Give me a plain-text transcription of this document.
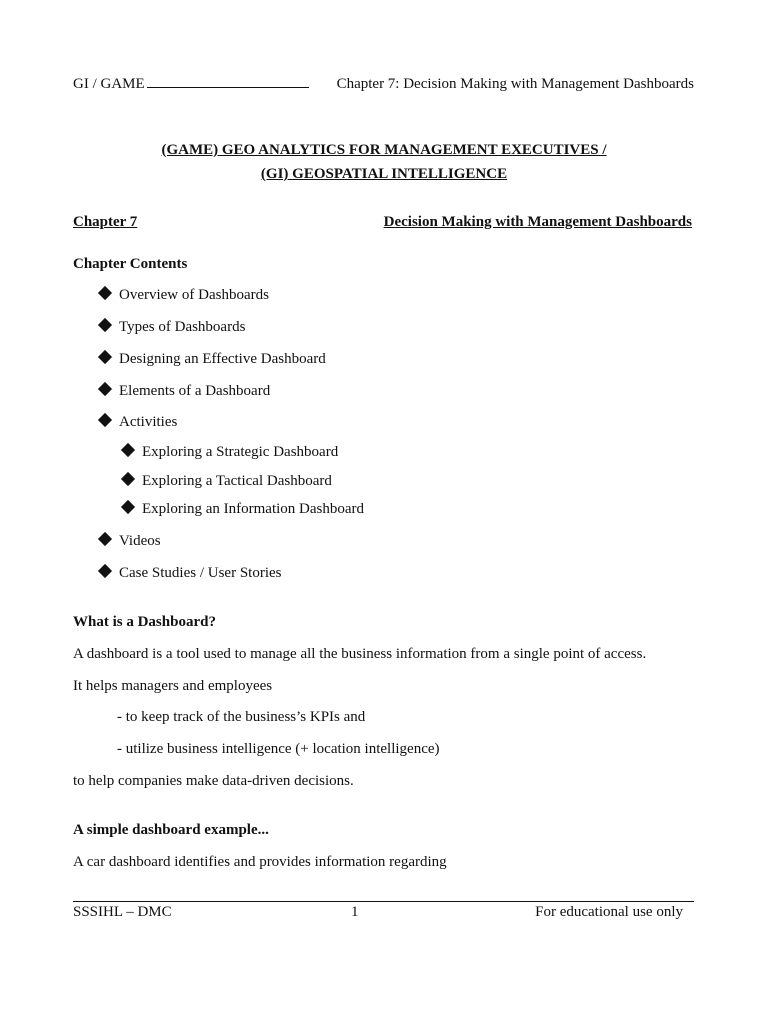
GI / GAME	Chapter 7: Decision Making with Management Dashboards
(GAME) GEO ANALYTICS FOR MANAGEMENT EXECUTIVES /
(GI) GEOSPATIAL INTELLIGENCE
Chapter 7	Decision Making with Management Dashboards
Chapter Contents
Overview of Dashboards
Types of Dashboards
Designing an Effective Dashboard
Elements of a Dashboard
Activities
Exploring a Strategic Dashboard
Exploring a Tactical Dashboard
Exploring an Information Dashboard
Videos
Case Studies / User Stories
What is a Dashboard?
A dashboard is a tool used to manage all the business information from a single point of access.
It helps managers and employees
- to keep track of the business’s KPIs and
- utilize business intelligence (+ location intelligence)
to help companies make data-driven decisions.
A simple dashboard example...
A car dashboard identifies and provides information regarding
SSSIHL – DMC	1	For educational use only
